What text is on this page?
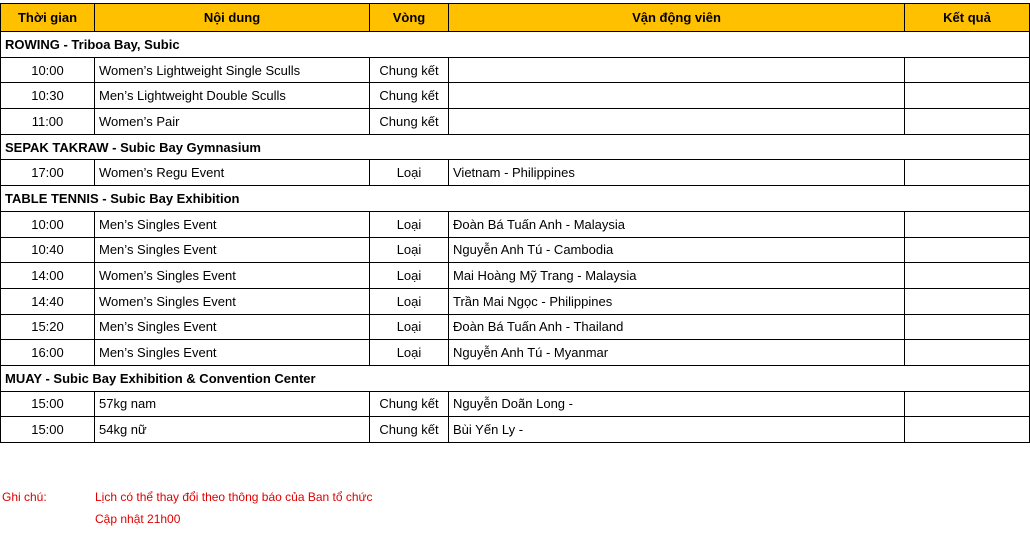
Thời gian	Nội dung	Vòng	Vận động viên	Kết quả
ROWING - Triboa Bay, Subic				
10:00	Women’s Lightweight Single Sculls	Chung kết		
10:30	Men’s Lightweight Double Sculls	Chung kết		
11:00	Women’s Pair	Chung kết		
SEPAK TAKRAW - Subic Bay Gymnasium				
17:00	Women’s Regu Event	Loại	Vietnam - Philippines	
TABLE TENNIS - Subic Bay Exhibition				
10:00	Men’s Singles Event	Loại	Đoàn Bá Tuấn Anh - Malaysia	
10:40	Men’s Singles Event	Loại	Nguyễn Anh Tú - Cambodia	
14:00	Women’s Singles Event	Loại	Mai Hoàng Mỹ Trang - Malaysia	
14:40	Women’s Singles Event	Loại	Trần Mai Ngọc - Philippines	
15:20	Men’s Singles Event	Loại	Đoàn Bá Tuấn Anh - Thailand	
16:00	Men’s Singles Event	Loại	Nguyễn Anh Tú - Myanmar	
MUAY - Subic Bay Exhibition & Convention Center				
15:00	57kg nam	Chung kết	Nguyễn Doãn Long -	
15:00	54kg nữ	Chung kết	Bùi Yến Ly -	
Ghi chú:	Lịch có thể thay đổi theo thông báo của Ban tổ chức
Cập nhật 21h00
